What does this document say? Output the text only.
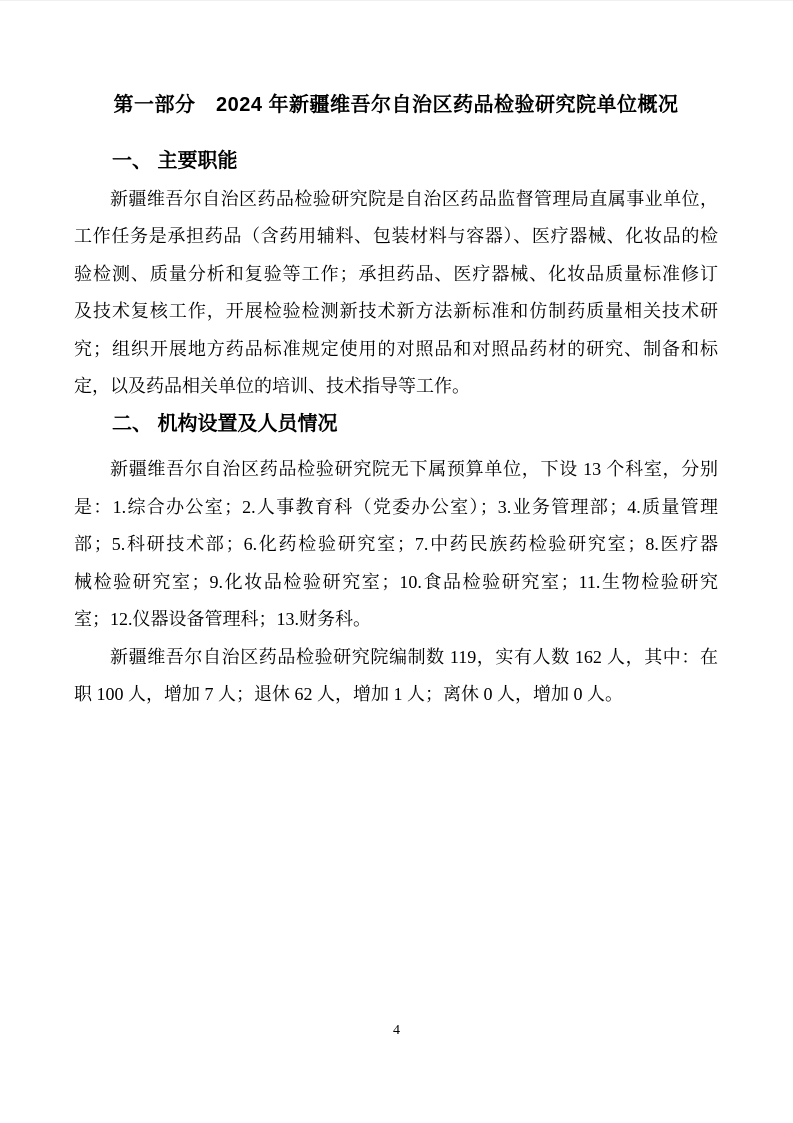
第一部分　2024 年新疆维吾尔自治区药品检验研究院单位概况
一、 主要职能
新疆维吾尔自治区药品检验研究院是自治区药品监督管理局直属事业单位，
工作任务是承担药品（含药用辅料、包装材料与容器）、医疗器械、化妆品的检
验检测、质量分析和复验等工作；承担药品、医疗器械、化妆品质量标准修订
及技术复核工作，开展检验检测新技术新方法新标准和仿制药质量相关技术研
究；组织开展地方药品标准规定使用的对照品和对照品药材的研究、制备和标
定，以及药品相关单位的培训、技术指导等工作。
二、 机构设置及人员情况
新疆维吾尔自治区药品检验研究院无下属预算单位，下设 13 个科室，分别
是：1.综合办公室；2.人事教育科（党委办公室）；3.业务管理部；4.质量管理
部；5.科研技术部；6.化药检验研究室；7.中药民族药检验研究室；8.医疗器
械检验研究室；9.化妆品检验研究室；10.食品检验研究室；11.生物检验研究
室；12.仪器设备管理科；13.财务科。
新疆维吾尔自治区药品检验研究院编制数 119，实有人数 162 人，其中：在
职 100 人，增加 7 人；退休 62 人，增加 1 人；离休 0 人，增加 0 人。
4
